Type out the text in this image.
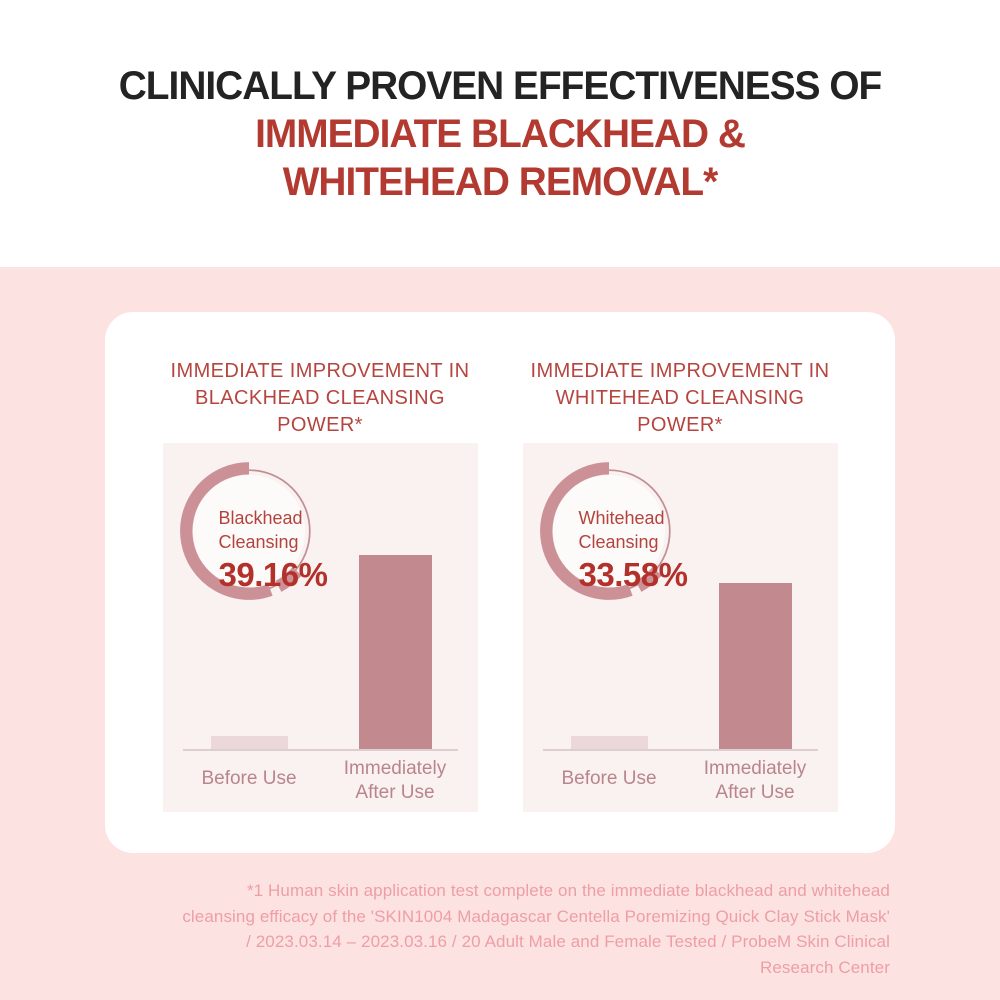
CLINICALLY PROVEN EFFECTIVENESS OF
IMMEDIATE BLACKHEAD &
WHITEHEAD REMOVAL*
IMMEDIATE IMPROVEMENT IN
BLACKHEAD CLEANSING POWER*
Blackhead
Cleansing
39.16%
Before Use	Immediately
After Use
IMMEDIATE IMPROVEMENT IN
WHITEHEAD CLEANSING POWER*
Whitehead
Cleansing
33.58%
Before Use	Immediately
After Use
*1 Human skin application test complete on the immediate blackhead and whitehead
cleansing efficacy of the 'SKIN1004 Madagascar Centella Poremizing Quick Clay Stick Mask'
/ 2023.03.14 – 2023.03.16 / 20 Adult Male and Female Tested / ProbeM Skin Clinical
Research Center
